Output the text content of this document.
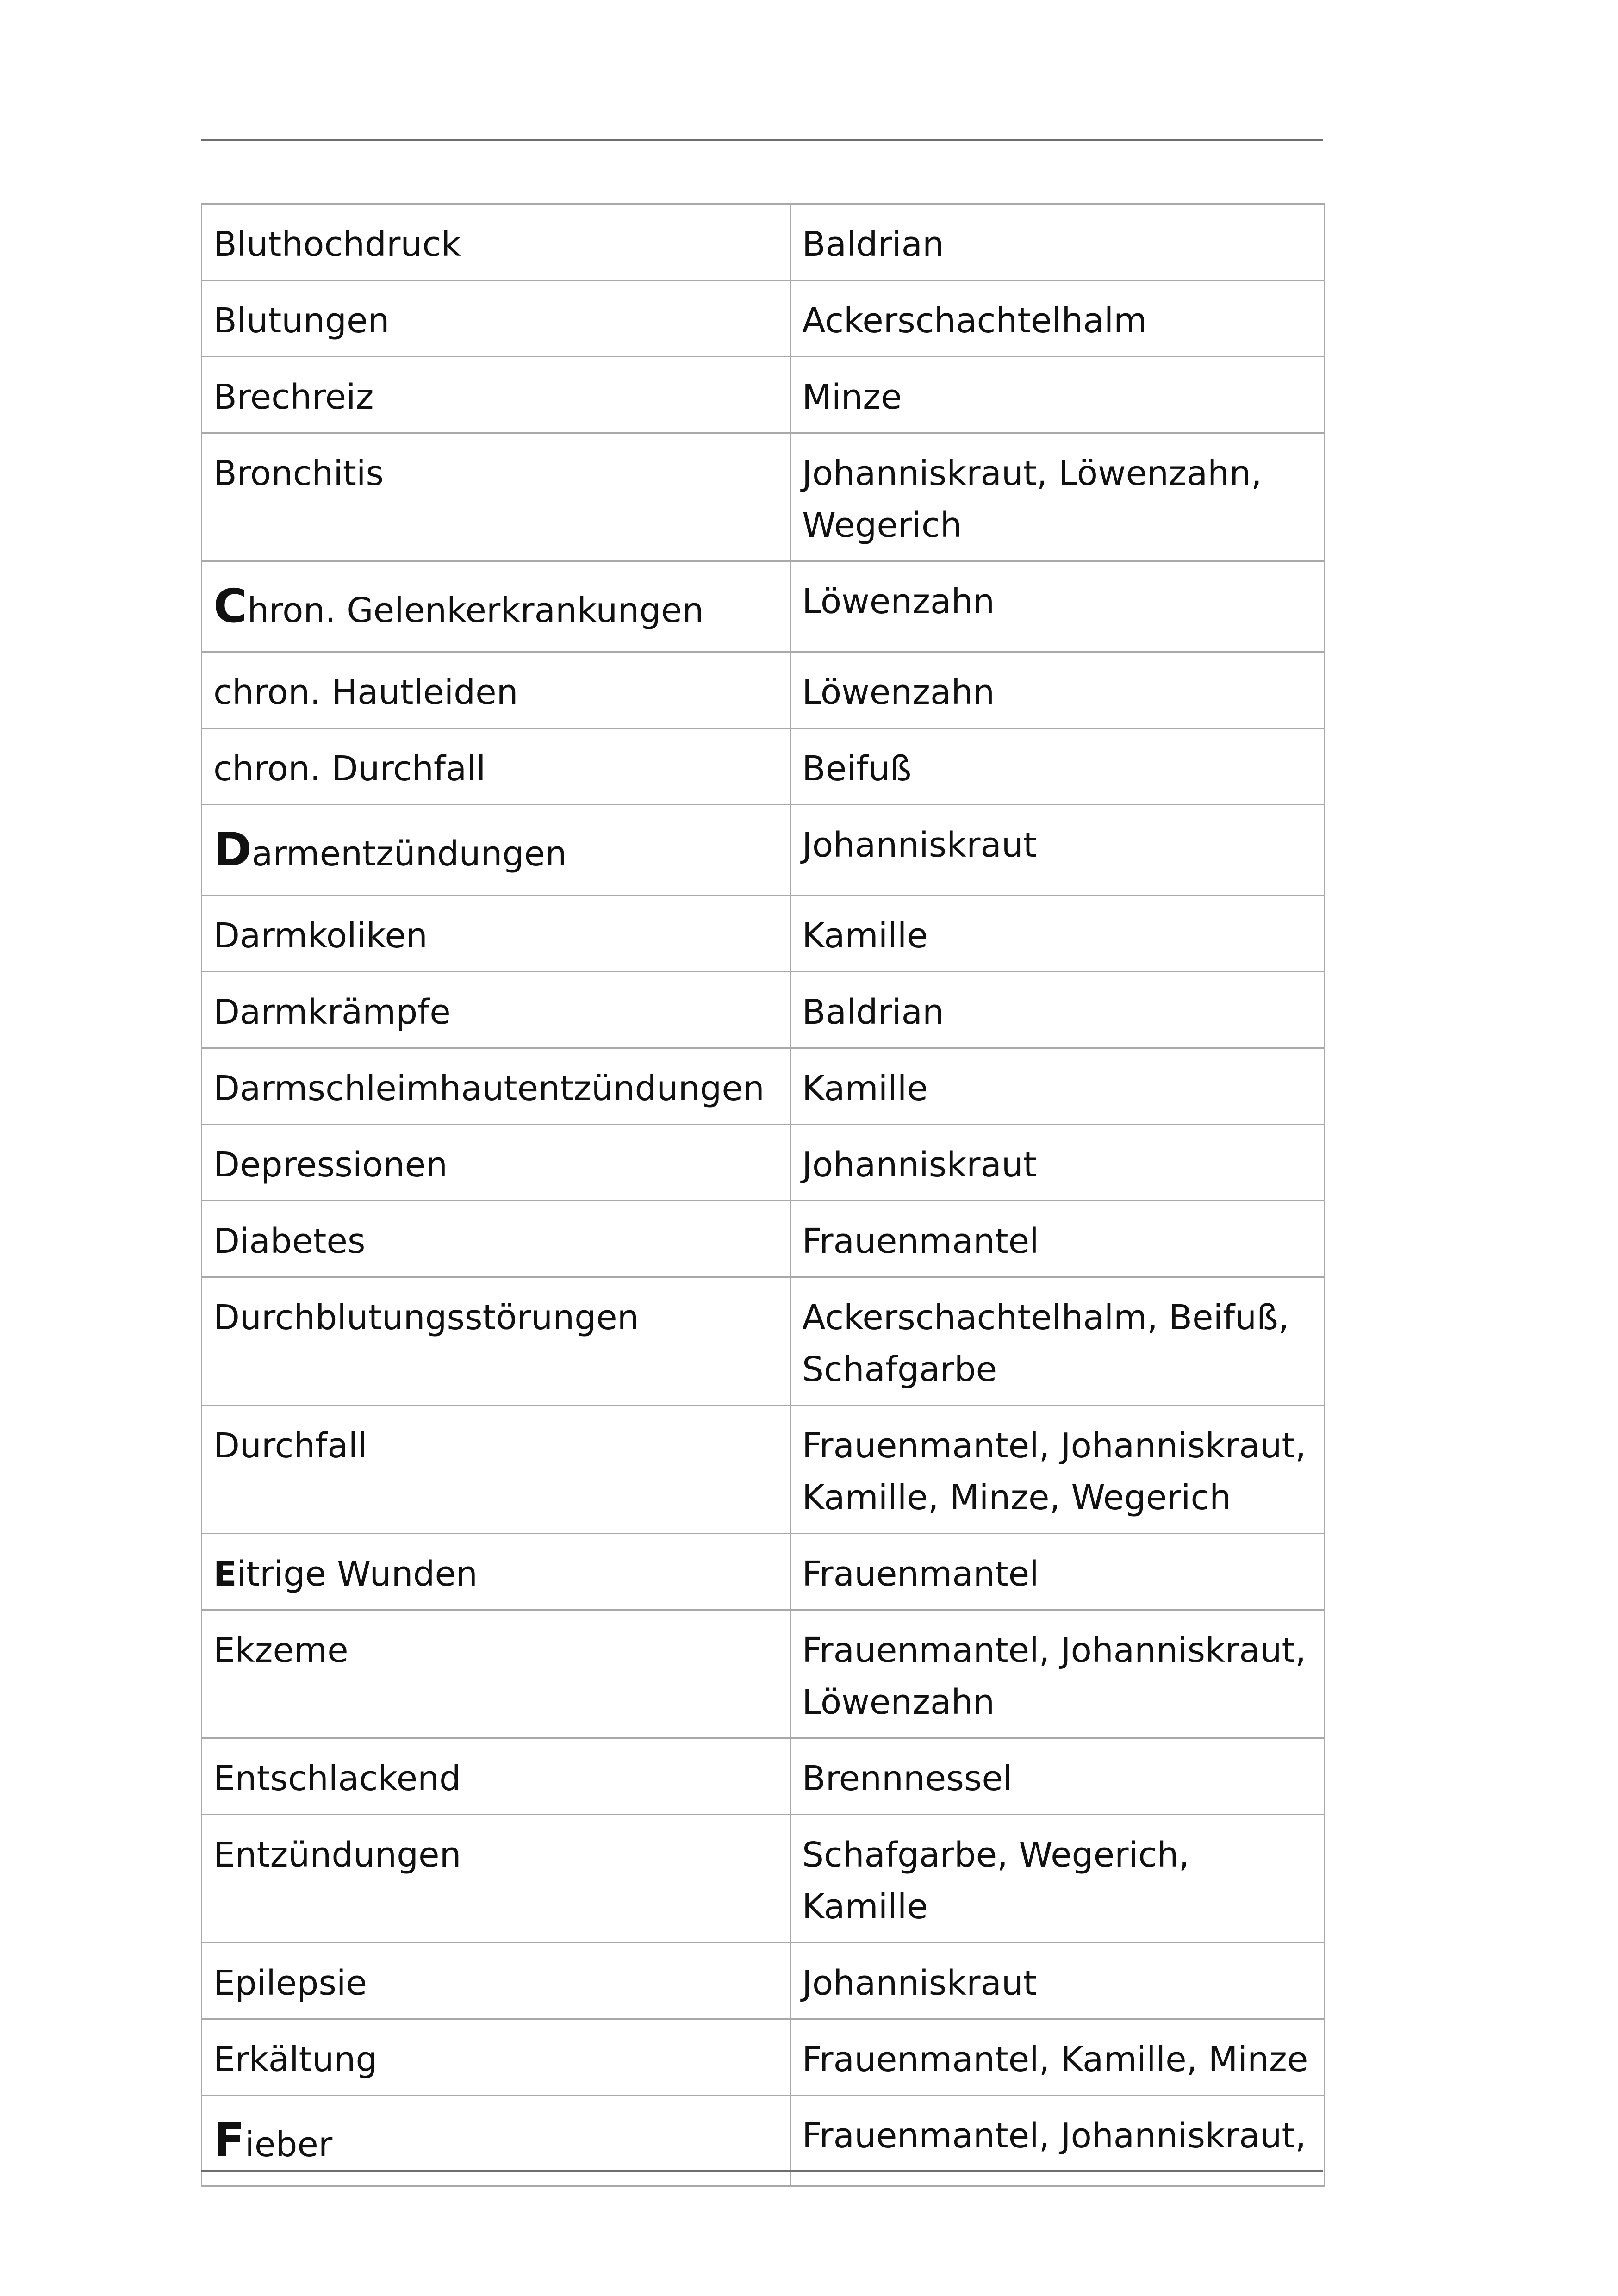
Bluthochdruck	Baldrian
Blutungen	Ackerschachtelhalm
Brechreiz	Minze
Bronchitis	Johanniskraut, Löwenzahn, Wegerich
Chron. Gelenkerkrankungen	Löwenzahn
chron. Hautleiden	Löwenzahn
chron. Durchfall	Beifuß
Darmentzündungen	Johanniskraut
Darmkoliken	Kamille
Darmkrämpfe	Baldrian
Darmschleimhautentzündungen	Kamille
Depressionen	Johanniskraut
Diabetes	Frauenmantel
Durchblutungsstörungen	Ackerschachtelhalm, Beifuß, Schafgarbe
Durchfall	Frauenmantel, Johanniskraut, Kamille, Minze, Wegerich
Eitrige Wunden	Frauenmantel
Ekzeme	Frauenmantel, Johanniskraut, Löwenzahn
Entschlackend	Brennnessel
Entzündungen	Schafgarbe, Wegerich, Kamille
Epilepsie	Johanniskraut
Erkältung	Frauenmantel, Kamille, Minze
Fieber	Frauenmantel, Johanniskraut,
